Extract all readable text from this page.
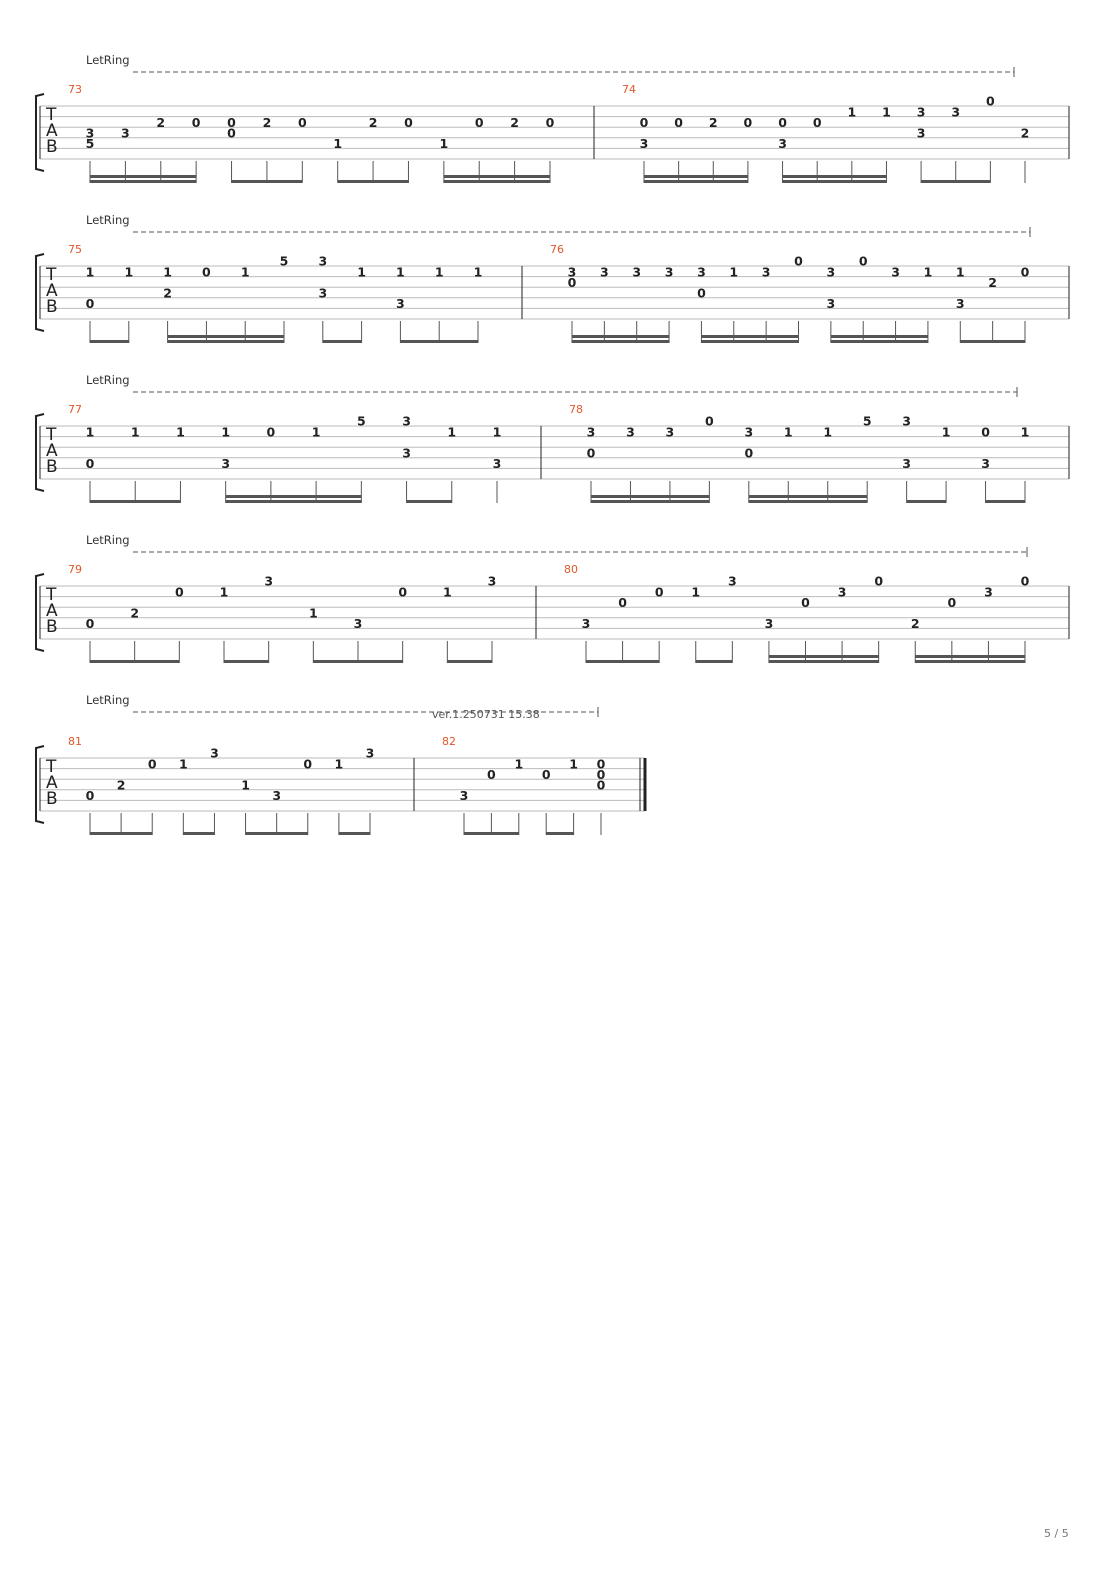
LetRing
T
A
B
73
3
5
3
2 0 0
0
2 0
1
2 0
1
0 2 0
74
0
3
0 2 0 0
3
0
1 1 3
3
3
0
2
LetRing
T
A
B
75
1
0
1 1
2
0 1
5 3
3
1 1
3
1 1
76
3
0
3 3 3 3
0
1 3
0
3
3
0
3 1 1
3
2
0
LetRing
T
A
B
77
1
0
1	1	1
3
0	1
5	3
3
1	1
3
78
3
0
3 3
0
3
0
1 1
5 3
3
1 0
3
1
LetRing
T
A
B
79
0
2
0	1
3
1
3
0	1
3
80
3
0
0 1
3
3
0
3
0
2
0
3
0
LetRing
T
A
B
81
0
2
0 1
3
1
3
0 1
3
82
3
0
1
0
1 0
0
0
ver.1.250731 15.38
5 / 5
